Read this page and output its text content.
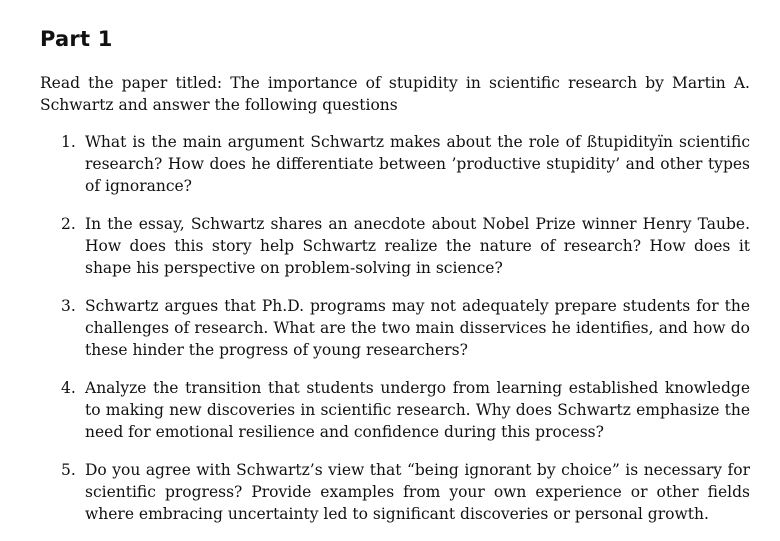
Part 1

Read the paper titled: The importance of stupidity in scientific research by Martin A. Schwartz and answer the following questions

1. What is the main argument Schwartz makes about the role of ßtupidityïn scientific research? How does he differentiate between ’productive stupidity’ and other types of ignorance?
2. In the essay, Schwartz shares an anecdote about Nobel Prize winner Henry Taube. How does this story help Schwartz realize the nature of research? How does it shape his perspective on problem-solving in science?
3. Schwartz argues that Ph.D. programs may not adequately prepare students for the challenges of research. What are the two main disservices he identifies, and how do these hinder the progress of young researchers?
4. Analyze the transition that students undergo from learning established knowledge to making new discoveries in scientific research. Why does Schwartz emphasize the need for emotional resilience and confidence during this process?
5. Do you agree with Schwartz’s view that “being ignorant by choice” is necessary for scientific progress? Provide examples from your own experience or other fields where embracing uncertainty led to significant discoveries or personal growth.
